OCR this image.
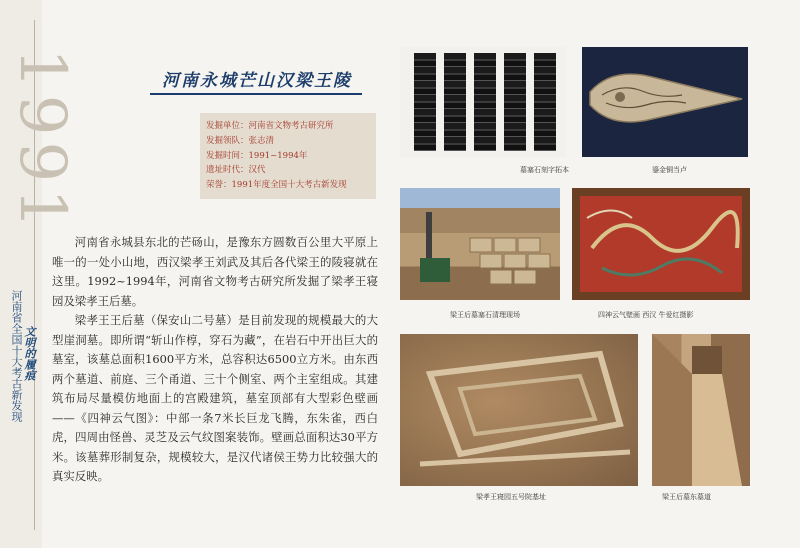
1991
文明的履痕
河南省全国十大考古新发现
河南永城芒山汉梁王陵
发掘单位：河南省文物考古研究所
发掘领队：张志清
发掘时间：1991~1994年
遗址时代：汉代
荣誉：1991年度全国十大考古新发现

河南省永城县东北的芒砀山，是豫东方圆数百公里大平原上唯一的一处小山地，西汉梁孝王刘武及其后各代梁王的陵寝就在这里。1992~1994年，河南省文物考古研究所发掘了梁孝王寝园及梁孝王后墓。

梁孝王王后墓（保安山二号墓）是目前发现的规模最大的大型崖洞墓。即所谓“斩山作椁，穿石为藏”，在岩石中开出巨大的墓室，该墓总面积1600平方米，总容积达6500立方米。由东西两个墓道、前庭、三个甬道、三十个侧室、两个主室组成。其建筑布局尽量模仿地面上的宫殿建筑，墓室顶部有大型彩色壁画——《四神云气图》：中部一条7米长巨龙飞腾，东朱雀，西白虎，四周由怪兽、灵芝及云气纹图案装饰。壁画总面积达30平方米。该墓葬形制复杂，规模较大，是汉代诸侯王势力比较强大的真实反映。

墓塞石刻字拓本	鎏金铜当卢
梁王后墓塞石清理现场	四神云气壁画 西汉 牛爱红摄影
梁孝王寝园五号院基址	梁王后墓东墓道
